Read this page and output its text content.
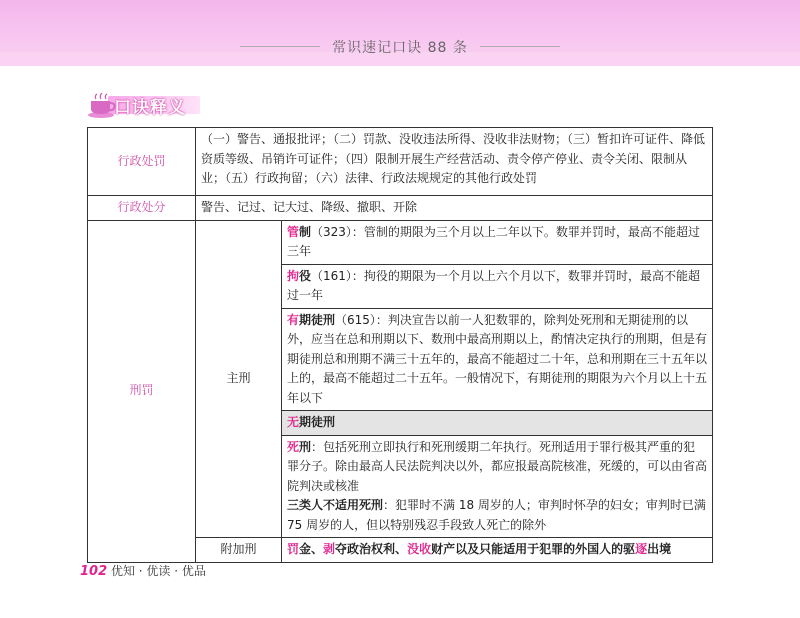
常识速记口诀 88 条
口诀释义
行政处罚	（一）警告、通报批评；（二）罚款、没收违法所得、没收非法财物；（三）暂扣许可证件、降低资质等级、吊销许可证件；（四）限制开展生产经营活动、责令停产停业、责令关闭、限制从业；（五）行政拘留；（六）法律、行政法规规定的其他行政处罚	
行政处分	警告、记过、记大过、降级、撤职、开除	
刑罚	主刑	管制（323）：管制的期限为三个月以上二年以下。数罪并罚时，最高不能超过三年
		拘役（161）：拘役的期限为一个月以上六个月以下，数罪并罚时，最高不能超过一年
		有期徒刑（615）：判决宣告以前一人犯数罪的，除判处死刑和无期徒刑的以外，应当在总和刑期以下、数刑中最高刑期以上，酌情决定执行的刑期，但是有期徒刑总和刑期不满三十五年的，最高不能超过二十年，总和刑期在三十五年以上的，最高不能超过二十五年。一般情况下，有期徒刑的期限为六个月以上十五年以下
		无期徒刑
		死刑：包括死刑立即执行和死刑缓期二年执行。死刑适用于罪行极其严重的犯罪分子。除由最高人民法院判决以外，都应报最高院核准，死缓的，可以由省高院判决或核准
三类人不适用死刑：犯罪时不满 18 周岁的人；审判时怀孕的妇女；审判时已满 75 周岁的人，但以特别残忍手段致人死亡的除外

	附加刑	罚金、剥夺政治权利、没收财产以及只能适用于犯罪的外国人的驱逐出境
102 优知 · 优读 · 优品
